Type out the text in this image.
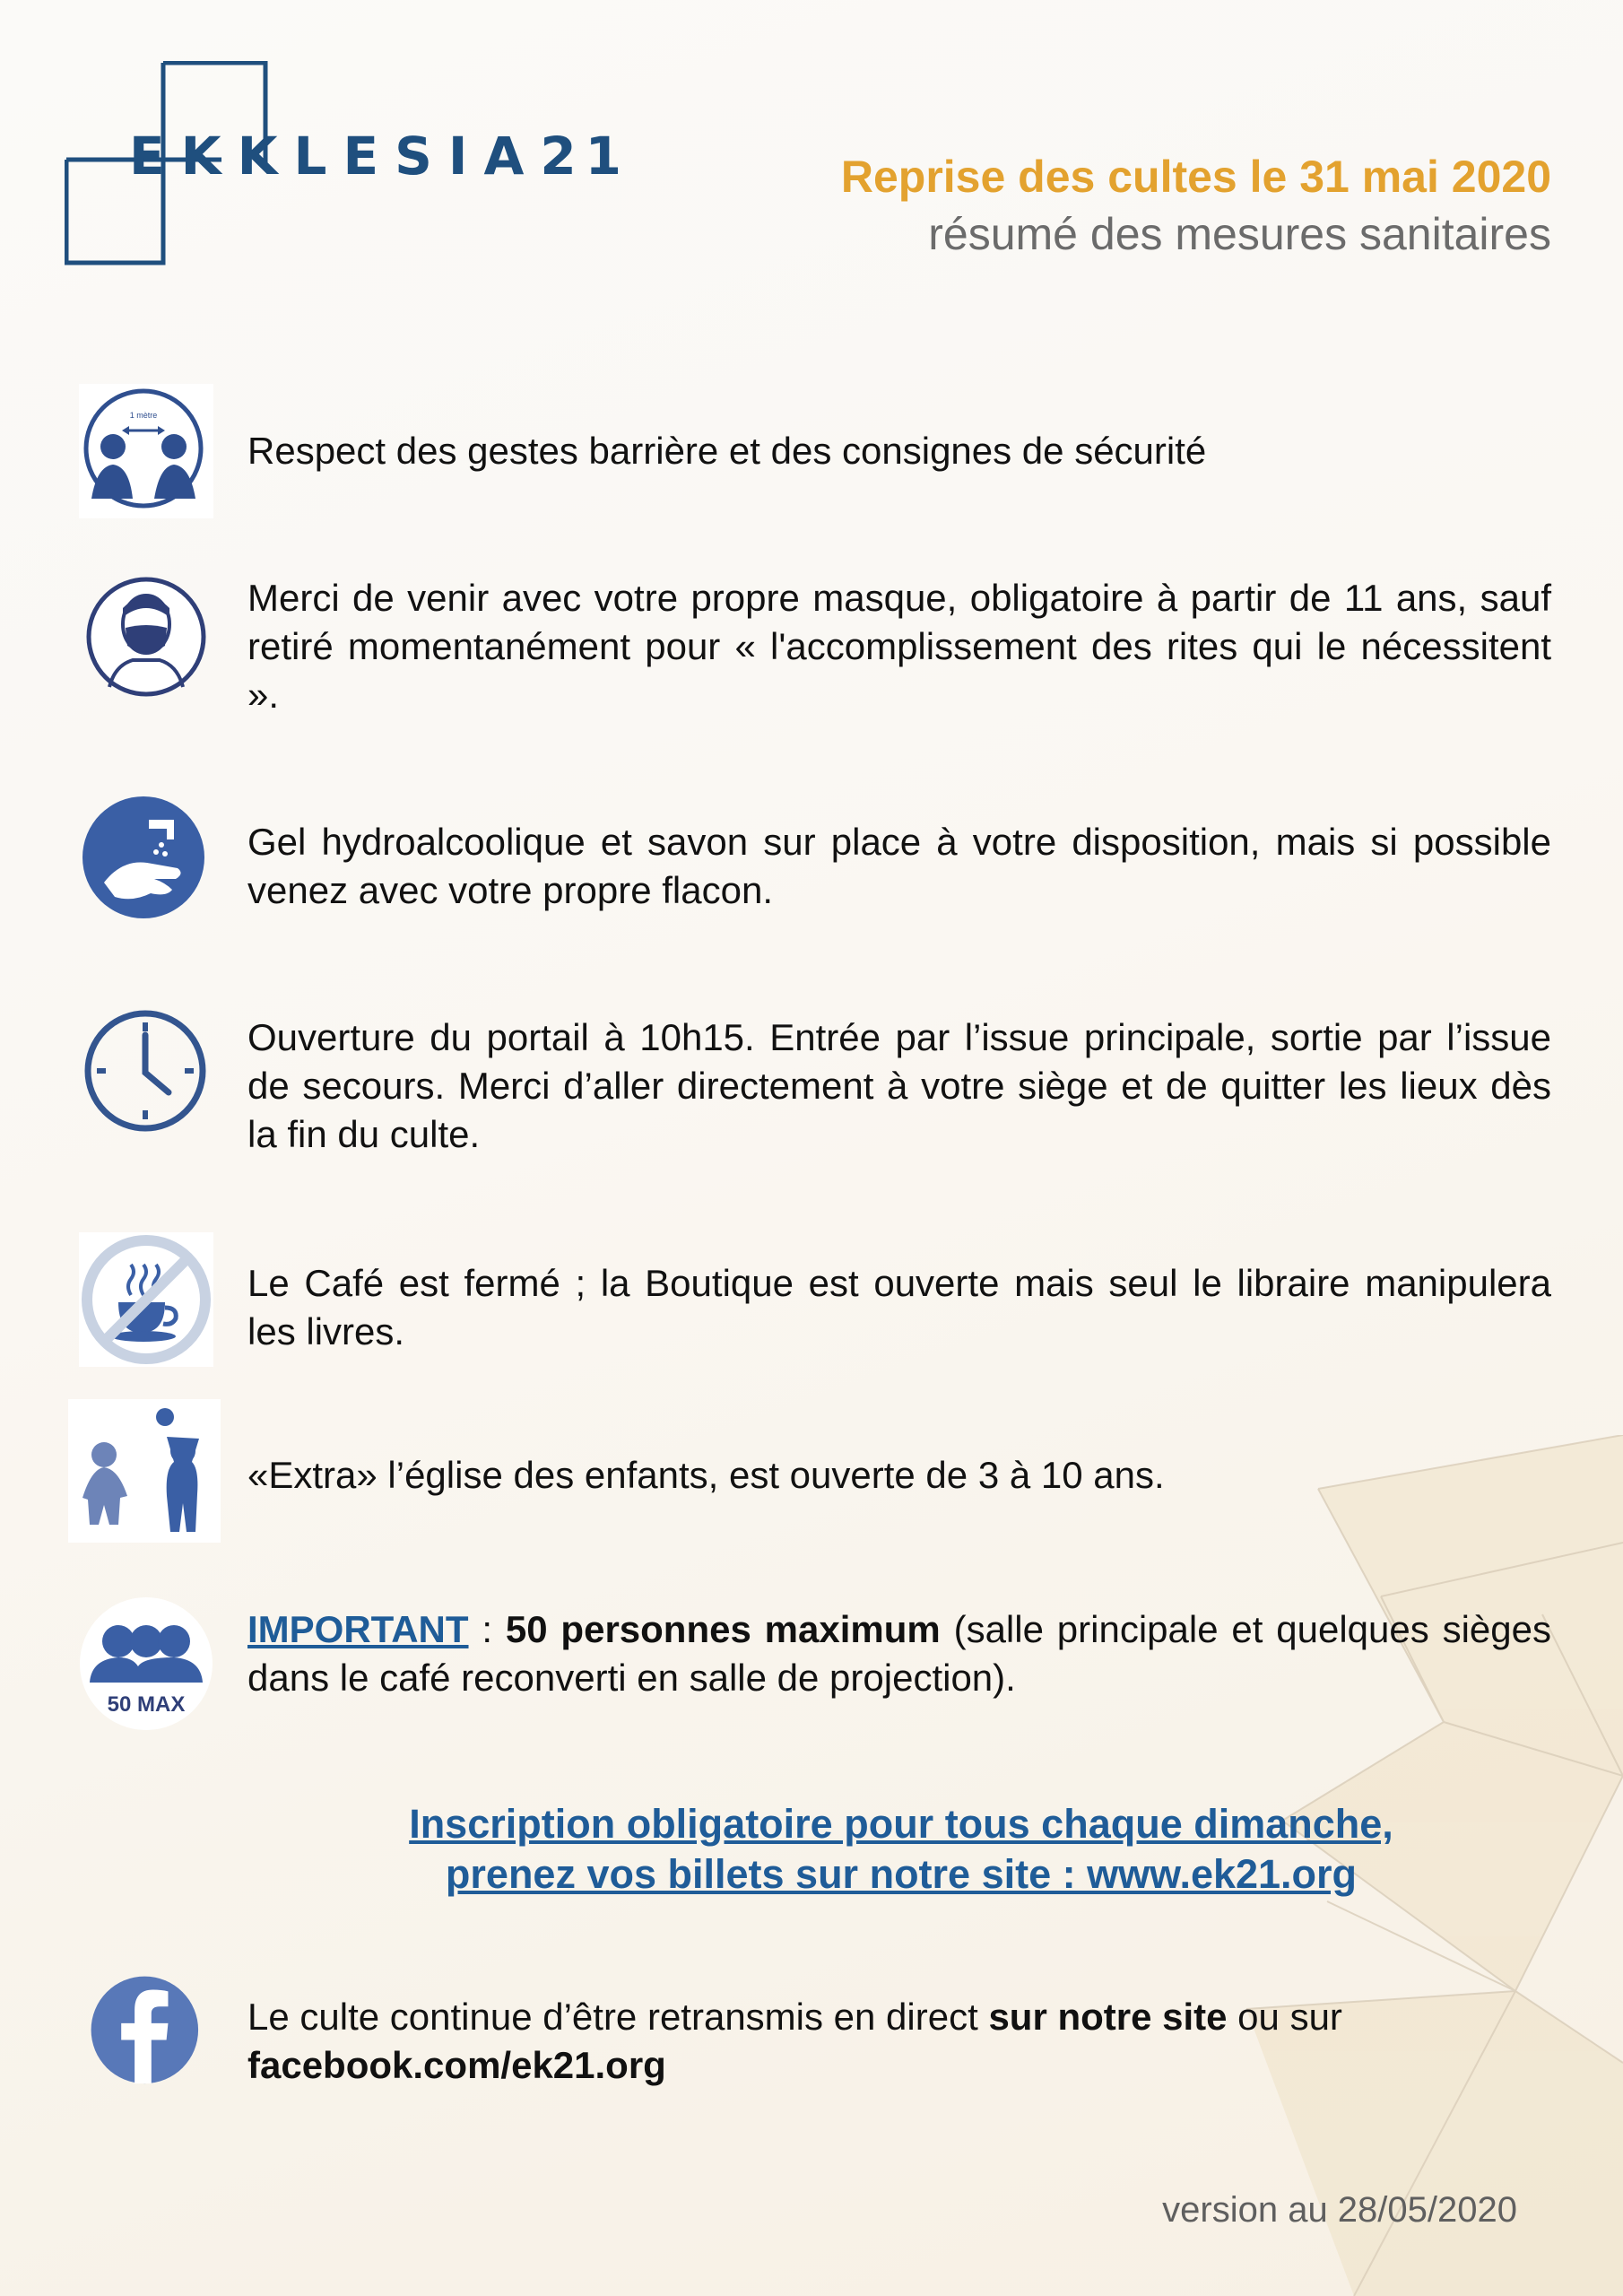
EKKLESIA21	Reprise des cultes le 31 mai 2020
résumé des mesures sanitaires
1 mètre
Respect des gestes barrière et des consignes de sécurité
Merci de venir avec votre propre masque, obligatoire à partir de 11 ans, sauf retiré momentanément pour « l'accomplissement des rites qui le nécessitent ».
Gel hydroalcoolique et savon sur place à votre disposition, mais si possible venez avec votre propre flacon.
Ouverture du portail à 10h15. Entrée par l’issue principale, sortie par l’issue de secours. Merci d’aller directement à votre siège et de quitter les lieux dès la fin du culte.
Le Café est fermé ; la Boutique est ouverte mais seul le libraire manipulera les livres.
«Extra» l’église des enfants, est ouverte de 3 à 10 ans.
50 MAX
IMPORTANT : 50 personnes maximum (salle principale et quelques sièges dans le café reconverti en salle de projection).
Inscription obligatoire pour tous chaque dimanche,
prenez vos billets sur notre site : www.ek21.org
Le culte continue d’être retransmis en direct sur notre site ou sur
facebook.com/ek21.org
version au 28/05/2020
